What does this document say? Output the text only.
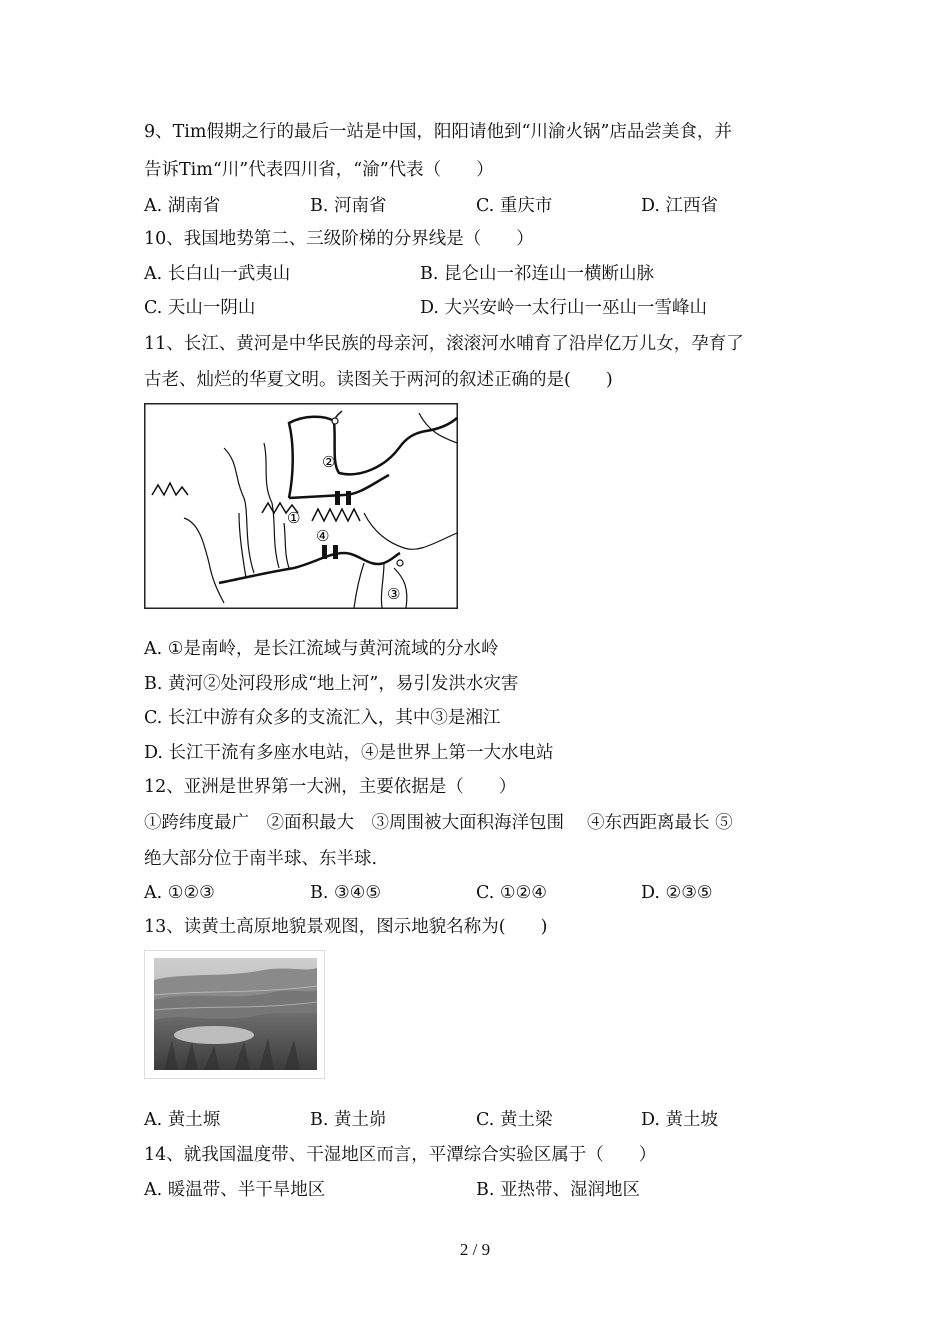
9、Tim假期之行的最后一站是中国，阳阳请他到“川渝火锅”店品尝美食，并
告诉Tim“川”代表四川省，“渝”代表（　　）
A. 湖南省	B. 河南省	C. 重庆市	D. 江西省
10、我国地势第二、三级阶梯的分界线是（　　）
A. 长白山一武夷山	B. 昆仑山一祁连山一横断山脉
C. 天山一阴山	D. 大兴安岭一太行山一巫山一雪峰山
11、长江、黄河是中华民族的母亲河，滚滚河水哺育了沿岸亿万儿女，孕育了
古老、灿烂的华夏文明。读图关于两河的叙述正确的是(　　)
②
①
④
③
A. ①是南岭，是长江流域与黄河流域的分水岭
B. 黄河②处河段形成“地上河”，易引发洪水灾害
C. 长江中游有众多的支流汇入，其中③是湘江
D. 长江干流有多座水电站，④是世界上第一大水电站
12、亚洲是世界第一大洲，主要依据是（　　）
①跨纬度最广　②面积最大　③周围被大面积海洋包围　 ④东西距离最长 ⑤
绝大部分位于南半球、东半球.
A. ①②③	B. ③④⑤	C. ①②④	D. ②③⑤
13、读黄土高原地貌景观图，图示地貌名称为(　　)
A. 黄土塬	B. 黄土峁	C. 黄土梁	D. 黄土坡
14、就我国温度带、干湿地区而言，平潭综合实验区属于（　　）
A. 暖温带、半干旱地区	B. 亚热带、湿润地区
2 / 9
